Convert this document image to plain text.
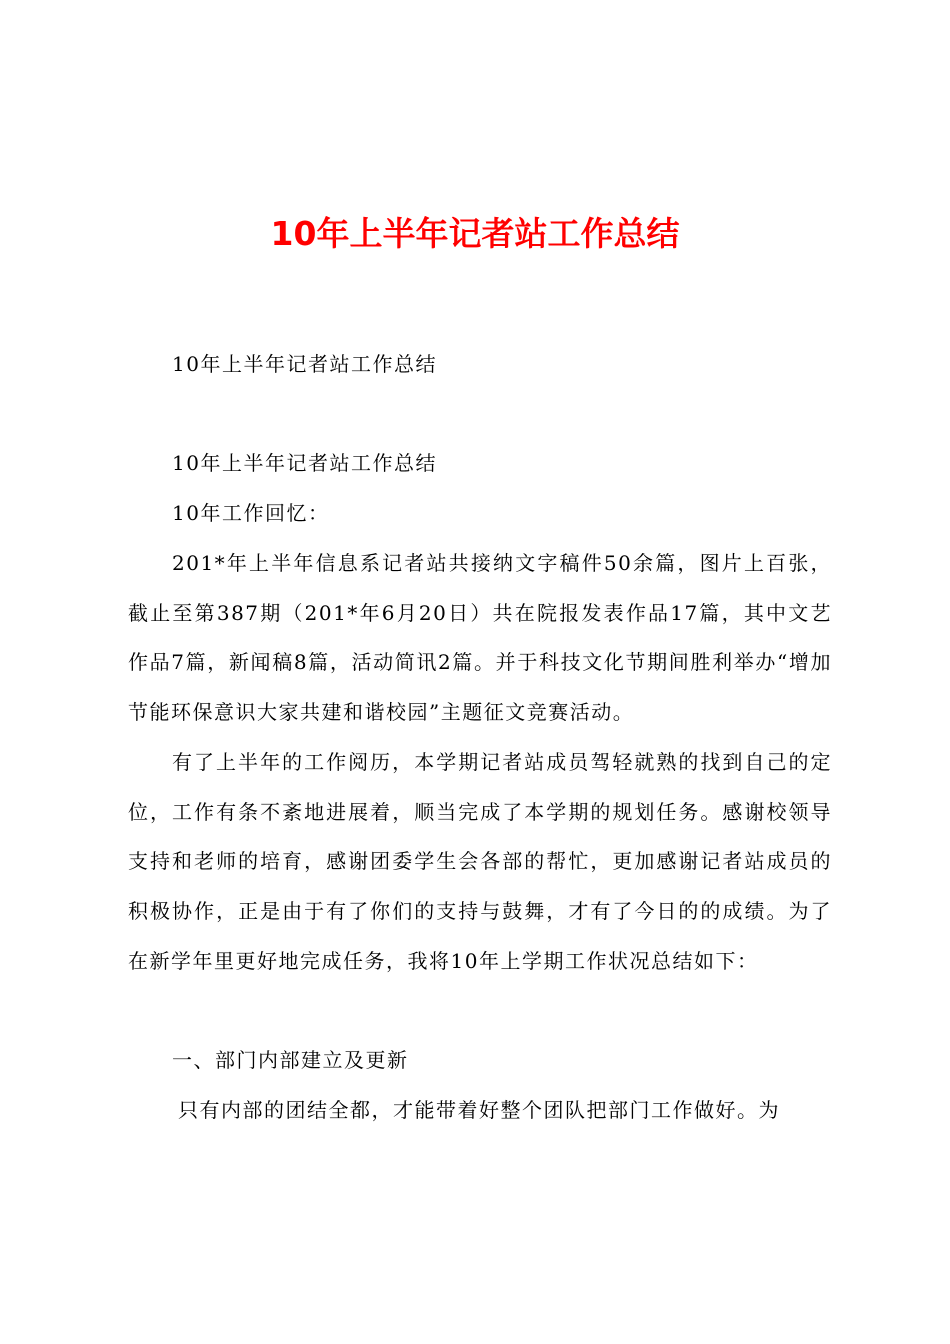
10年上半年记者站工作总结

10年上半年记者站工作总结

10年上半年记者站工作总结

10年工作回忆：

201*年上半年信息系记者站共接纳文字稿件50余篇，图片上百张，截止至第387期（201*年6月20日）共在院报发表作品17篇，其中文艺作品7篇，新闻稿8篇，活动简讯2篇。并于科技文化节期间胜利举办“增加节能环保意识大家共建和谐校园”主题征文竞赛活动。

有了上半年的工作阅历，本学期记者站成员驾轻就熟的找到自己的定位，工作有条不紊地进展着，顺当完成了本学期的规划任务。感谢校领导支持和老师的培育，感谢团委学生会各部的帮忙，更加感谢记者站成员的积极协作，正是由于有了你们的支持与鼓舞，才有了今日的的成绩。为了在新学年里更好地完成任务，我将10年上学期工作状况总结如下：

一、部门内部建立及更新

只有内部的团结全都，才能带着好整个团队把部门工作做好。为
